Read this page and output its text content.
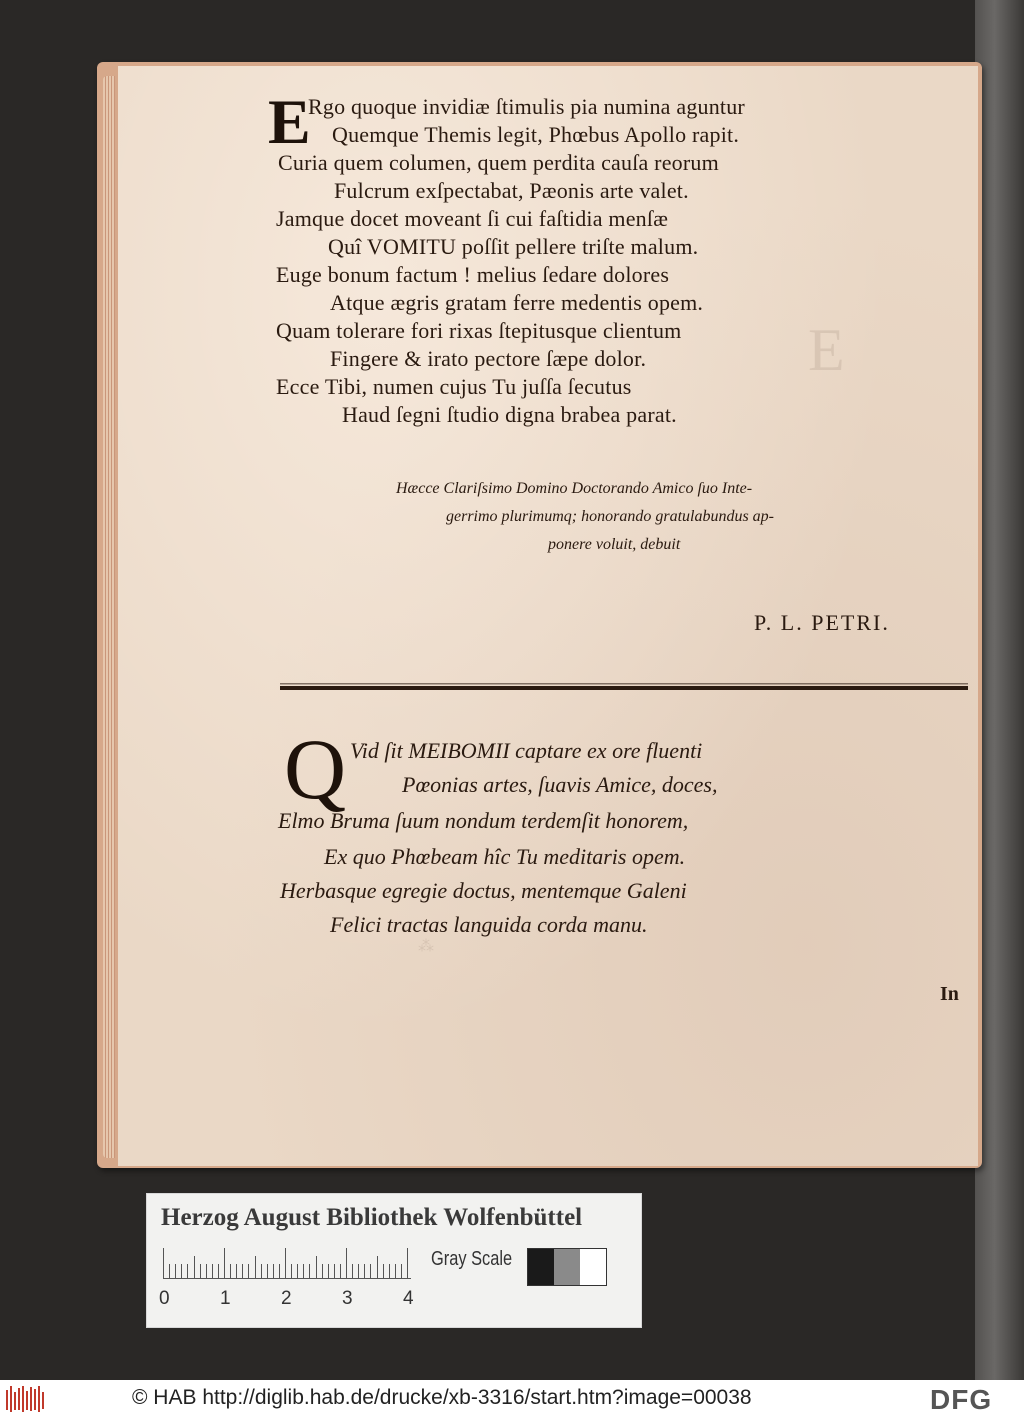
E
⁂
E
Rgo quoque invidiæ ſtimulis pia numina aguntur
Quemque Themis legit, Phœbus Apollo rapit.
Curia quem columen, quem perdita cauſa reorum
Fulcrum exſpectabat, Pæonis arte valet.
Jamque docet moveant ſi cui faſtidia menſæ
Quî VOMITU poſſit pellere triſte malum.
Euge bonum factum ! melius ſedare dolores
Atque ægris gratam ferre medentis opem.
Quam tolerare fori rixas ſtepitusque clientum
Fingere & irato pectore ſæpe dolor.
Ecce Tibi, numen cujus Tu juſſa ſecutus
Haud ſegni ſtudio digna brabea parat.
Hæcce Clariſsimo Domino Doctorando Amico ſuo Inte-
gerrimo plurimumq; honorando gratulabundus ap-
ponere voluit, debuit
P. L. PETRI.
Q Vid ſit MEIBOMII captare ex ore fluenti
Pœonias artes, ſuavis Amice, doces,
Elmo Bruma ſuum nondum terdemſit honorem,
Ex quo Phœbeam hîc Tu meditaris opem.
Herbasque egregie doctus, mentemque Galeni
Felici tractas languida corda manu.
In
Herzog August Bibliothek Wolfenbüttel
0	1	2	3	4
Gray Scale
© HAB http://diglib.hab.de/drucke/xb-3316/start.htm?image=00038	DFG
